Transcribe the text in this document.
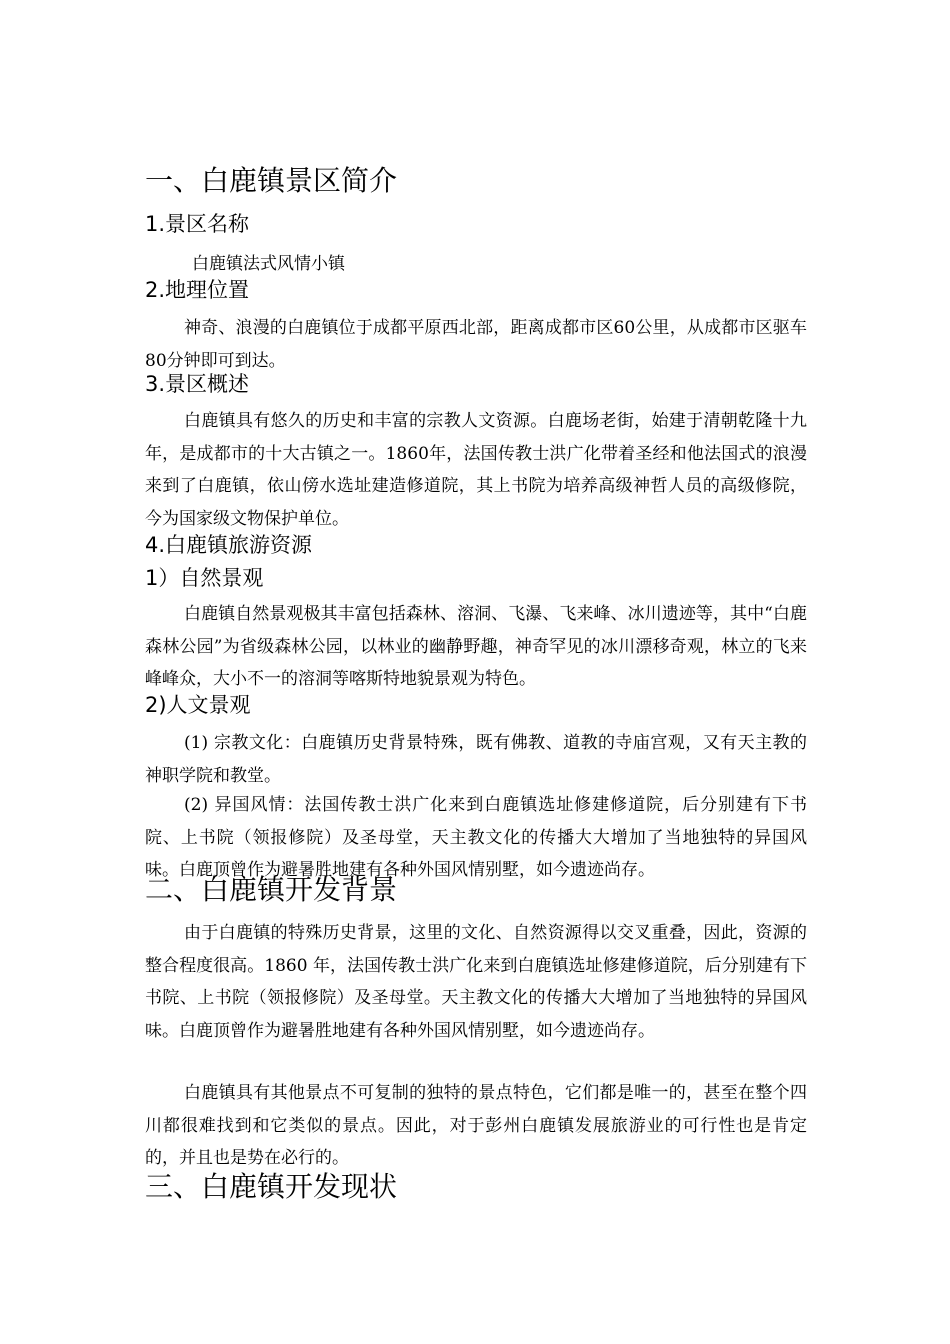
一、白鹿镇景区简介
1.景区名称
白鹿镇法式风情小镇
2.地理位置

神奇、浪漫的白鹿镇位于成都平原西北部，距离成都市区60公里，从成都市区驱车80分钟即可到达。

3.景区概述

白鹿镇具有悠久的历史和丰富的宗教人文资源。白鹿场老街，始建于清朝乾隆十九年，是成都市的十大古镇之一。1860年，法国传教士洪广化带着圣经和他法国式的浪漫来到了白鹿镇，依山傍水选址建造修道院，其上书院为培养高级神哲人员的高级修院，今为国家级文物保护单位。

4.白鹿镇旅游资源
1）自然景观

白鹿镇自然景观极其丰富包括森林、溶洞、飞瀑、飞来峰、冰川遗迹等，其中“白鹿森林公园”为省级森林公园，以林业的幽静野趣，神奇罕见的冰川漂移奇观，林立的飞来峰峰众，大小不一的溶洞等喀斯特地貌景观为特色。

2)人文景观

(1) 宗教文化：白鹿镇历史背景特殊，既有佛教、道教的寺庙宫观，又有天主教的神职学院和教堂。

(2) 异国风情：法国传教士洪广化来到白鹿镇选址修建修道院，后分别建有下书院、上书院（领报修院）及圣母堂，天主教文化的传播大大增加了当地独特的异国风味。白鹿顶曾作为避暑胜地建有各种外国风情别墅，如今遗迹尚存。

二、白鹿镇开发背景

由于白鹿镇的特殊历史背景，这里的文化、自然资源得以交叉重叠，因此，资源的整合程度很高。1860 年，法国传教士洪广化来到白鹿镇选址修建修道院，后分别建有下书院、上书院（领报修院）及圣母堂。天主教文化的传播大大增加了当地独特的异国风味。白鹿顶曾作为避暑胜地建有各种外国风情别墅，如今遗迹尚存。

白鹿镇具有其他景点不可复制的独特的景点特色，它们都是唯一的，甚至在整个四川都很难找到和它类似的景点。因此，对于彭州白鹿镇发展旅游业的可行性也是肯定的，并且也是势在必行的。

三、白鹿镇开发现状
